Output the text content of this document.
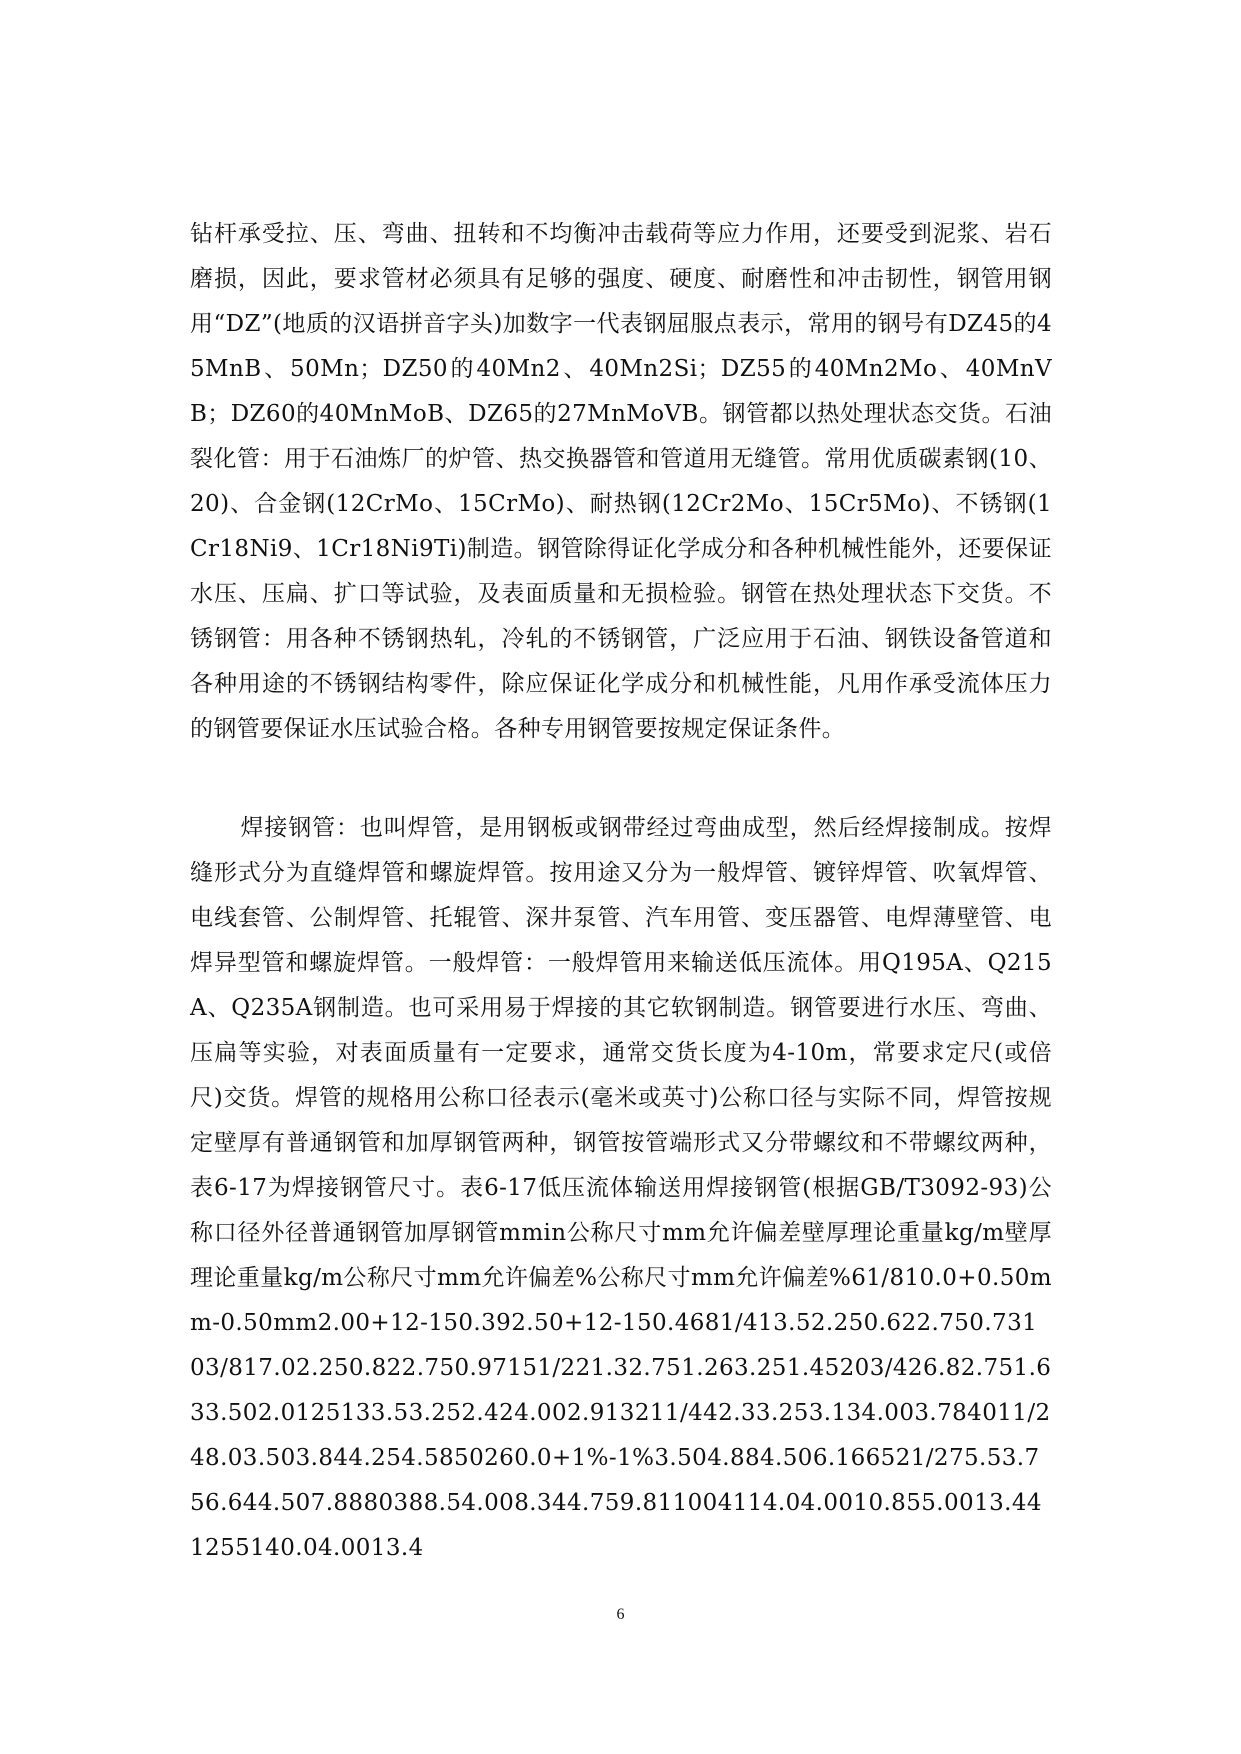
钻杆承受拉、压、弯曲、扭转和不均衡冲击载荷等应力作用，还要受到泥浆、岩石磨损，因此，要求管材必须具有足够的强度、硬度、耐磨性和冲击韧性，钢管用钢用“DZ”(地质的汉语拼音字头)加数字一代表钢屈服点表示，常用的钢号有DZ45的45MnB、50Mn；DZ50的40Mn2、40Mn2Si；DZ55的40Mn2Mo、40MnVB；DZ60的40MnMoB、DZ65的27MnMoVB。钢管都以热处理状态交货。石油裂化管：用于石油炼厂的炉管、热交换器管和管道用无缝管。常用优质碳素钢(10、20)、合金钢(12CrMo、15CrMo)、耐热钢(12Cr2Mo、15Cr5Mo)、不锈钢(1Cr18Ni9、1Cr18Ni9Ti)制造。钢管除得证化学成分和各种机械性能外，还要保证水压、压扁、扩口等试验，及表面质量和无损检验。钢管在热处理状态下交货。不锈钢管：用各种不锈钢热轧，冷轧的不锈钢管，广泛应用于石油、钢铁设备管道和各种用途的不锈钢结构零件，除应保证化学成分和机械性能，凡用作承受流体压力的钢管要保证水压试验合格。各种专用钢管要按规定保证条件。

焊接钢管：也叫焊管，是用钢板或钢带经过弯曲成型，然后经焊接制成。按焊缝形式分为直缝焊管和螺旋焊管。按用途又分为一般焊管、镀锌焊管、吹氧焊管、电线套管、公制焊管、托辊管、深井泵管、汽车用管、变压器管、电焊薄壁管、电焊异型管和螺旋焊管。一般焊管：一般焊管用来输送低压流体。用Q195A、Q215A、Q235A钢制造。也可采用易于焊接的其它软钢制造。钢管要进行水压、弯曲、压扁等实验，对表面质量有一定要求，通常交货长度为4-10m，常要求定尺(或倍尺)交货。焊管的规格用公称口径表示(毫米或英寸)公称口径与实际不同，焊管按规定壁厚有普通钢管和加厚钢管两种，钢管按管端形式又分带螺纹和不带螺纹两种，表6-17为焊接钢管尺寸。表6-17低压流体输送用焊接钢管(根据GB/T3092-93)公称口径外径普通钢管加厚钢管mmin公称尺寸mm允许偏差壁厚理论重量kg/m壁厚理论重量kg/m公称尺寸mm允许偏差%公称尺寸mm允许偏差%61/810.0+0.50mm-0.50mm2.00+12-150.392.50+12-150.4681/413.52.250.622.750.73103/817.02.250.822.750.97151/221.32.751.263.251.45203/426.82.751.633.502.0125133.53.252.424.002.913211/442.33.253.134.003.784011/248.03.503.844.254.5850260.0+1%-1%3.504.884.506.166521/275.53.756.644.507.8880388.54.008.344.759.811004114.04.0010.855.0013.441255140.04.0013.4

6
